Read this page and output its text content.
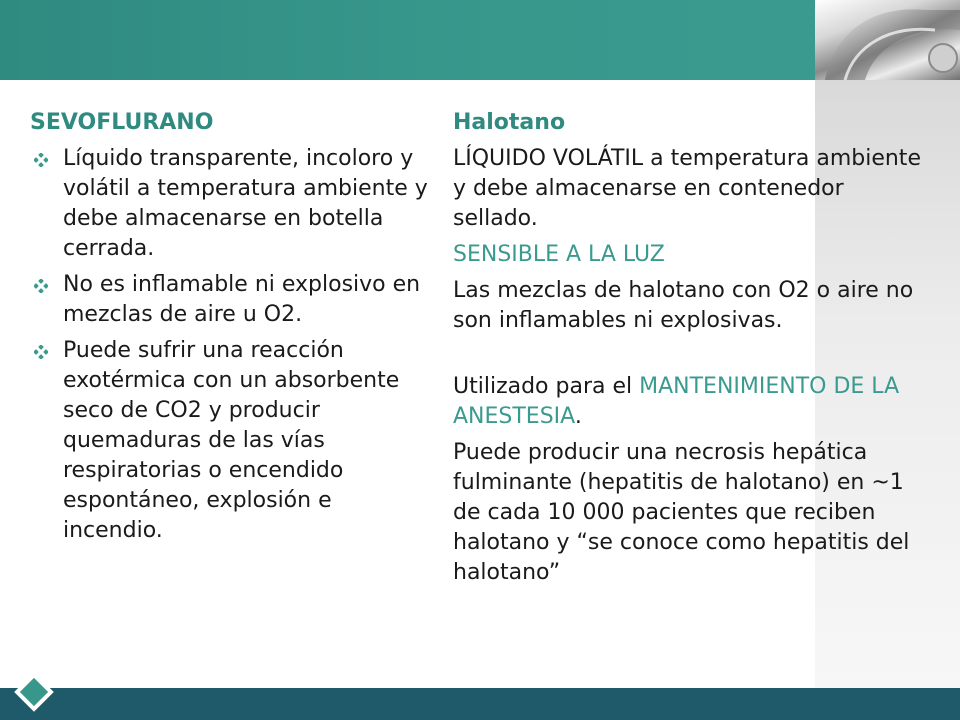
SEVOFLURANO
Líquido transparente, incoloro y volátil a temperatura ambiente y debe almacenarse en botella cerrada.
No es inflamable ni explosivo en mezclas de aire u O2.
Puede sufrir una reacción exotérmica con un absorbente seco de CO2 y producir quemaduras de las vías respiratorias o encendido espontáneo, explosión e incendio.
Halotano
LÍQUIDO VOLÁTIL a temperatura ambiente y debe almacenarse en contenedor sellado.
SENSIBLE A LA LUZ
Las mezclas de halotano con O2 o aire no son inflamables ni explosivas.
Utilizado para el MANTENIMIENTO DE LA ANESTESIA.
Puede producir una necrosis hepática fulminante (hepatitis de halotano) en ~1 de cada 10 000 pacientes que reciben halotano y “se conoce como hepatitis del halotano”
